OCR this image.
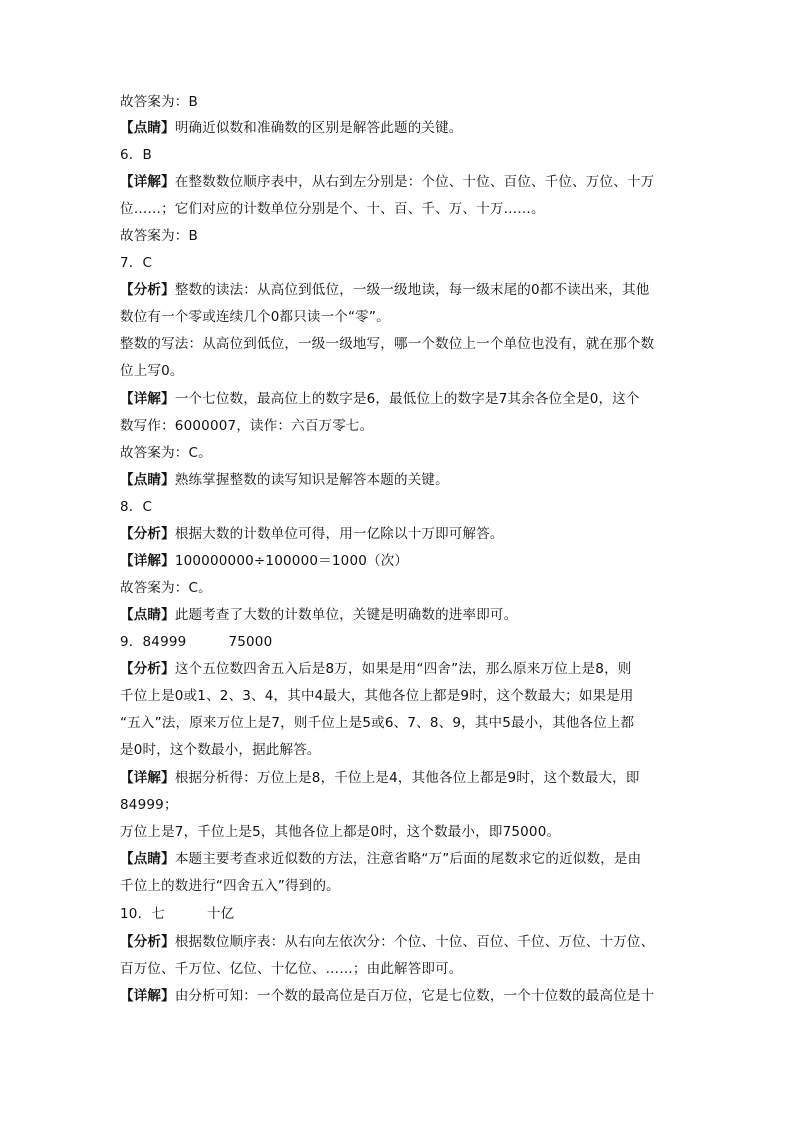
故答案为：B
【点睛】明确近似数和准确数的区别是解答此题的关键。
6．B
【详解】在整数数位顺序表中，从右到左分别是：个位、十位、百位、千位、万位、十万
位……；它们对应的计数单位分别是个、十、百、千、万、十万……。
故答案为：B
7．C
【分析】整数的读法：从高位到低位，一级一级地读，每一级末尾的0都不读出来，其他
数位有一个零或连续几个0都只读一个“零”。
整数的写法：从高位到低位，一级一级地写，哪一个数位上一个单位也没有，就在那个数
位上写0。
【详解】一个七位数，最高位上的数字是6，最低位上的数字是7其余各位全是0，这个
数写作：6000007，读作：六百万零七。
故答案为：C。
【点睛】熟练掌握整数的读写知识是解答本题的关键。
8．C
【分析】根据大数的计数单位可得，用一亿除以十万即可解答。
【详解】100000000÷100000＝1000（次）
故答案为：C。
【点睛】此题考查了大数的计数单位，关键是明确数的进率即可。
9．84999	75000
【分析】这个五位数四舍五入后是8万，如果是用“四舍”法，那么原来万位上是8，则
千位上是0或1、2、3、4，其中4最大，其他各位上都是9时，这个数最大；如果是用
“五入”法，原来万位上是7，则千位上是5或6、7、8、9，其中5最小，其他各位上都
是0时，这个数最小，据此解答。
【详解】根据分析得：万位上是8，千位上是4，其他各位上都是9时，这个数最大，即
84999；
万位上是7，千位上是5，其他各位上都是0时，这个数最小，即75000。
【点睛】本题主要考查求近似数的方法，注意省略“万”后面的尾数求它的近似数，是由
千位上的数进行“四舍五入”得到的。
10．七	十亿
【分析】根据数位顺序表：从右向左依次分：个位、十位、百位、千位、万位、十万位、
百万位、千万位、亿位、十亿位、……；由此解答即可。
【详解】由分析可知：一个数的最高位是百万位，它是七位数，一个十位数的最高位是十
